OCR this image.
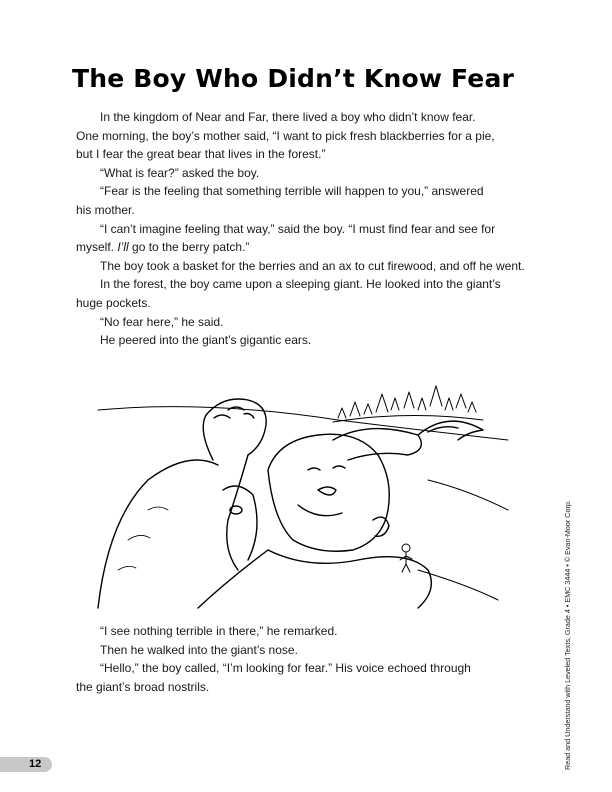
The Boy Who Didn’t Know Fear
In the kingdom of Near and Far, there lived a boy who didn’t know fear.
One morning, the boy’s mother said, “I want to pick fresh blackberries for a pie,
but I fear the great bear that lives in the forest.”
“What is fear?” asked the boy.
“Fear is the feeling that something terrible will happen to you,” answered
his mother.
“I can’t imagine feeling that way,” said the boy. “I must find fear and see for
myself. I’ll go to the berry patch.”
The boy took a basket for the berries and an ax to cut firewood, and off he went.
In the forest, the boy came upon a sleeping giant. He looked into the giant’s
huge pockets.
“No fear here,” he said.
He peered into the giant’s gigantic ears.
“I see nothing terrible in there,” he remarked.
Then he walked into the giant’s nose.
“Hello,” the boy called, “I’m looking for fear.” His voice echoed through
the giant’s broad nostrils.	Read and Understand with Leveled Texts, Grade 4 • EMC 3444 • © Evan-Moor Corp.
12
